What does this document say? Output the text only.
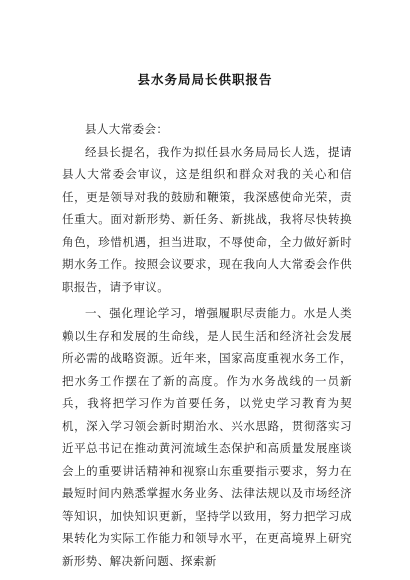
县水务局局长供职报告

县人大常委会：

经县长提名，我作为拟任县水务局局长人选，提请县人大常委会审议，这是组织和群众对我的关心和信任，更是领导对我的鼓励和鞭策，我深感使命光荣，责任重大。面对新形势、新任务、新挑战，我将尽快转换角色，珍惜机遇，担当进取，不辱使命，全力做好新时期水务工作。按照会议要求，现在我向人大常委会作供职报告，请予审议。

一、强化理论学习，增强履职尽责能力。水是人类赖以生存和发展的生命线，是人民生活和经济社会发展所必需的战略资源。近年来，国家高度重视水务工作，把水务工作摆在了新的高度。作为水务战线的一员新兵，我将把学习作为首要任务，以党史学习教育为契机，深入学习领会新时期治水、兴水思路，贯彻落实习近平总书记在推动黄河流域生态保护和高质量发展座谈会上的重要讲话精神和视察山东重要指示要求，努力在最短时间内熟悉掌握水务业务、法律法规以及市场经济等知识，加快知识更新，坚持学以致用，努力把学习成果转化为实际工作能力和领导水平，在更高境界上研究新形势、解决新问题、探索新
